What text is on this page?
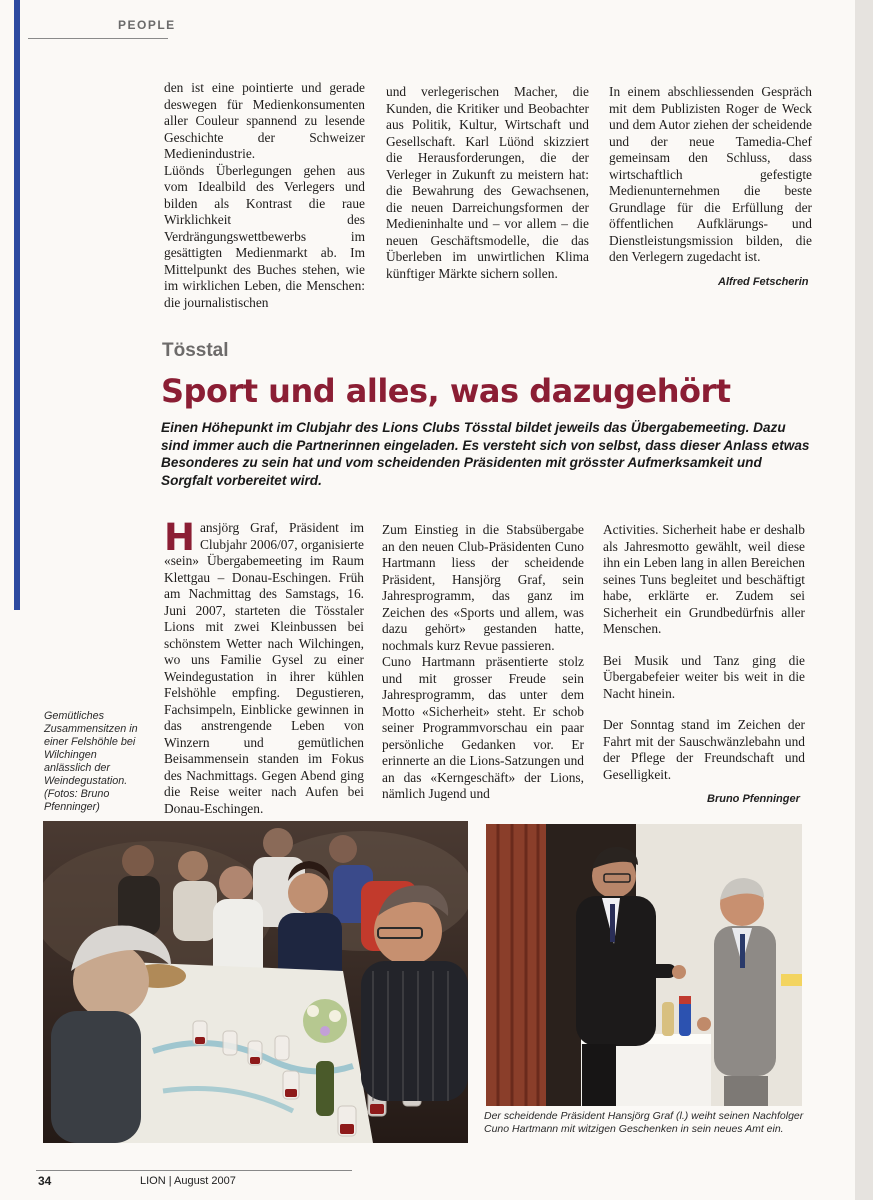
PEOPLE

den ist eine pointierte und gerade deswegen für Medienkonsumenten aller Couleur spannend zu lesende Geschichte der Schweizer Medienindustrie.

Lüönds Überlegungen gehen aus vom Idealbild des Verlegers und bilden als Kontrast die raue Wirklichkeit des Verdrängungswettbewerbs im gesättigten Medienmarkt ab. Im Mittelpunkt des Buches stehen, wie im wirklichen Leben, die Menschen: die journalistischen

und verlegerischen Macher, die Kunden, die Kritiker und Beobachter aus Politik, Kultur, Wirtschaft und Gesellschaft. Karl Lüönd skizziert die Herausforderungen, die der Verleger in Zukunft zu meistern hat: die Bewahrung des Gewachsenen, die neuen Darreichungsformen der Medieninhalte und – vor allem – die neuen Geschäftsmodelle, die das Überleben im unwirtlichen Klima künftiger Märkte sichern sollen.

In einem abschliessenden Gespräch mit dem Publizisten Roger de Weck und dem Autor ziehen der scheidende und der neue Tamedia-Chef gemeinsam den Schluss, dass wirtschaftlich gefestigte Medienunternehmen die beste Grundlage für die Erfüllung der öffentlichen Aufklärungs- und Dienstleistungsmission bilden, die den Verlegern zugedacht ist.

Alfred Fetscherin
Tösstal
Sport und alles, was dazugehört
Einen Höhepunkt im Clubjahr des Lions Clubs Tösstal bildet jeweils das Übergabemeeting. Dazu sind immer auch die Partnerinnen eingeladen. Es versteht sich von selbst, dass dieser Anlass etwas Besonderes zu sein hat und vom scheidenden Präsidenten mit grösster Aufmerksamkeit und Sorgfalt vorbereitet wird.

Hansjörg Graf, Präsident im Clubjahr 2006/07, organisierte «sein» Übergabemeeting im Raum Klettgau – Donau-Eschingen. Früh am Nachmittag des Samstags, 16. Juni 2007, starteten die Tösstaler Lions mit zwei Kleinbussen bei schönstem Wetter nach Wilchingen, wo uns Familie Gysel zu einer Weindegustation in ihrer kühlen Felshöhle empfing. Degustieren, Fachsimpeln, Einblicke gewinnen in das anstrengende Leben von Winzern und gemütlichen Beisammensein standen im Fokus des Nachmittags. Gegen Abend ging die Reise weiter nach Aufen bei Donau-Eschingen.

Zum Einstieg in die Stabsübergabe an den neuen Club-Präsidenten Cuno Hartmann liess der scheidende Präsident, Hansjörg Graf, sein Jahresprogramm, das ganz im Zeichen des «Sports und allem, was dazu gehört» gestanden hatte, nochmals kurz Revue passieren.

Cuno Hartmann präsentierte stolz und mit grosser Freude sein Jahresprogramm, das unter dem Motto «Sicherheit» steht. Er schob seiner Programmvorschau ein paar persönliche Gedanken vor. Er erinnerte an die Lions-Satzungen und an das «Kerngeschäft» der Lions, nämlich Jugend und

Activities. Sicherheit habe er deshalb als Jahresmotto gewählt, weil diese ihn ein Leben lang in allen Bereichen seines Tuns begleitet und beschäftigt habe, erklärte er. Zudem sei Sicherheit ein Grundbedürfnis aller Menschen.

Bei Musik und Tanz ging die Übergabefeier weiter bis weit in die Nacht hinein.

Der Sonntag stand im Zeichen der Fahrt mit der Sauschwänzlebahn und der Pflege der Freundschaft und Geselligkeit.

Bruno Pfenninger
Gemütliches Zusammensitzen in einer Felshöhle bei Wilchingen anlässlich der Weindegustation. (Fotos: Bruno Pfenninger)
Der scheidende Präsident Hansjörg Graf (l.) weiht seinen Nachfolger Cuno Hartmann mit witzigen Geschenken in sein neues Amt ein.
34	LION | August 2007
